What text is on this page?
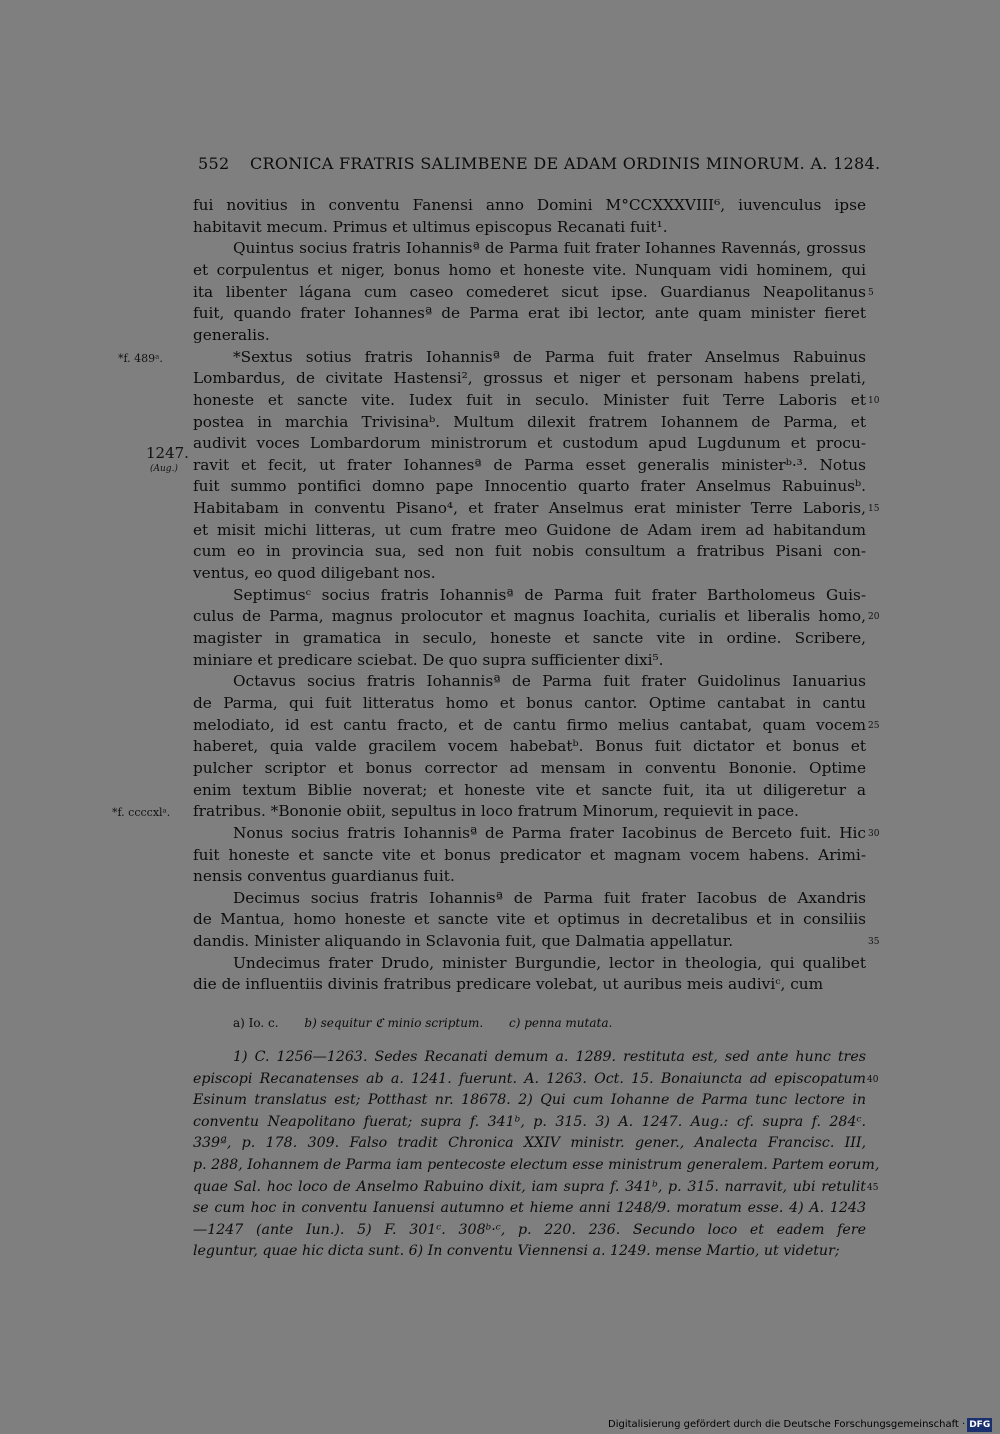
552 CRONICA FRATRIS SALIMBENE DE ADAM ORDINIS MINORUM. A. 1284.
fui novitius in conventu Fanensi anno Domini M°CCXXXVIII⁶, iuvenculus ipse
habitavit mecum. Primus et ultimus episcopus Recanati fuit¹.
Quintus socius fratris Iohannisª de Parma fuit frater Iohannes Ravennás, grossus
et corpulentus et niger, bonus homo et honeste vite. Nunquam vidi hominem, qui
ita libenter lágana cum caseo comederet sicut ipse. Guardianus Neapolitanus
fuit, quando frater Iohannesª de Parma erat ibi lector, ante quam minister fieret
generalis.
*Sextus sotius fratris Iohannisª de Parma fuit frater Anselmus Rabuinus
Lombardus, de civitate Hastensi², grossus et niger et personam habens prelati,
honeste et sancte vite. Iudex fuit in seculo. Minister fuit Terre Laboris et
postea in marchia Trivisinaᵇ. Multum dilexit fratrem Iohannem de Parma, et
audivit voces Lombardorum ministrorum et custodum apud Lugdunum et procu-
ravit et fecit, ut frater Iohannesª de Parma esset generalis ministerᵇ·³. Notus
fuit summo pontifici domno pape Innocentio quarto frater Anselmus Rabuinusᵇ.
Habitabam in conventu Pisano⁴, et frater Anselmus erat minister Terre Laboris,
et misit michi litteras, ut cum fratre meo Guidone de Adam irem ad habitandum
cum eo in provincia sua, sed non fuit nobis consultum a fratribus Pisani con-
ventus, eo quod diligebant nos.
Septimusᶜ socius fratris Iohannisª de Parma fuit frater Bartholomeus Guis-
culus de Parma, magnus prolocutor et magnus Ioachita, curialis et liberalis homo,
magister in gramatica in seculo, honeste et sancte vite in ordine. Scribere,
miniare et predicare sciebat. De quo supra sufficienter dixi⁵.
Octavus socius fratris Iohannisª de Parma fuit frater Guidolinus Ianuarius
de Parma, qui fuit litteratus homo et bonus cantor. Optime cantabat in cantu
melodiato, id est cantu fracto, et de cantu firmo melius cantabat, quam vocem
haberet, quia valde gracilem vocem habebatᵇ. Bonus fuit dictator et bonus et
pulcher scriptor et bonus corrector ad mensam in conventu Bononie. Optime
enim textum Biblie noverat; et honeste vite et sancte fuit, ita ut diligeretur a
fratribus. *Bononie obiit, sepultus in loco fratrum Minorum, requievit in pace.
Nonus socius fratris Iohannisª de Parma frater Iacobinus de Berceto fuit. Hic
fuit honeste et sancte vite et bonus predicator et magnam vocem habens. Arimi-
nensis conventus guardianus fuit.
Decimus socius fratris Iohannisª de Parma fuit frater Iacobus de Axandris
de Mantua, homo honeste et sancte vite et optimus in decretalibus et in consiliis
dandis. Minister aliquando in Sclavonia fuit, que Dalmatia appellatur.
Undecimus frater Drudo, minister Burgundie, lector in theologia, qui qualibet
die de influentiis divinis fratribus predicare volebat, ut auribus meis audiviᶜ, cum
*f. 489ᵃ.
1247.
(Aug.)
*f. ccccxlᵃ.
5
10
15
20
25
30
35
a) Io. c. b) sequitur ℭ minio scriptum. c) penna mutata.
1) C. 1256—1263. Sedes Recanati demum a. 1289. restituta est, sed ante hunc tres
episcopi Recanatenses ab a. 1241. fuerunt. A. 1263. Oct. 15. Bonaiuncta ad episcopatum
Esinum translatus est; Potthast nr. 18678. 2) Qui cum Iohanne de Parma tunc lectore in
conventu Neapolitano fuerat; supra f. 341ᵇ, p. 315. 3) A. 1247. Aug.: cf. supra f. 284ᶜ.
339ª, p. 178. 309. Falso tradit Chronica XXIV ministr. gener., Analecta Francisc. III,
p. 288, Iohannem de Parma iam pentecoste electum esse ministrum generalem. Partem eorum,
quae Sal. hoc loco de Anselmo Rabuino dixit, iam supra f. 341ᵇ, p. 315. narravit, ubi retulit
se cum hoc in conventu Ianuensi autumno et hieme anni 1248/9. moratum esse. 4) A. 1243
—1247 (ante Iun.). 5) F. 301ᶜ. 308ᵇ·ᶜ, p. 220. 236. Secundo loco et eadem fere
leguntur, quae hic dicta sunt. 6) In conventu Viennensi a. 1249. mense Martio, ut videtur;
40
45
Digitalisierung gefördert durch die Deutsche Forschungsgemeinschaft · DFG
